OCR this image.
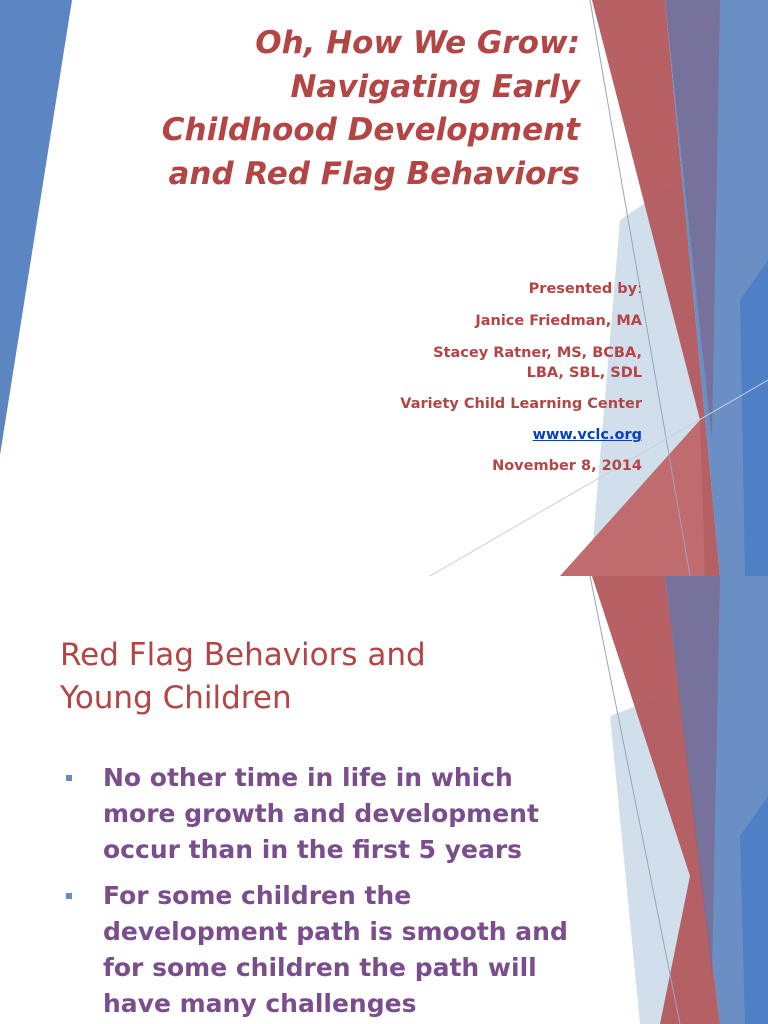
Oh, How We Grow:
Navigating Early
Childhood Development
and Red Flag Behaviors

Presented by:

Janice Friedman, MA

Stacey Ratner, MS, BCBA,
LBA, SBL, SDL

Variety Child Learning Center

www.vclc.org

November 8, 2014

Red Flag Behaviors and
Young Children
No other time in life in which
more growth and development
occur than in the first 5 years
For some children the
development path is smooth and
for some children the path will
have many challenges
